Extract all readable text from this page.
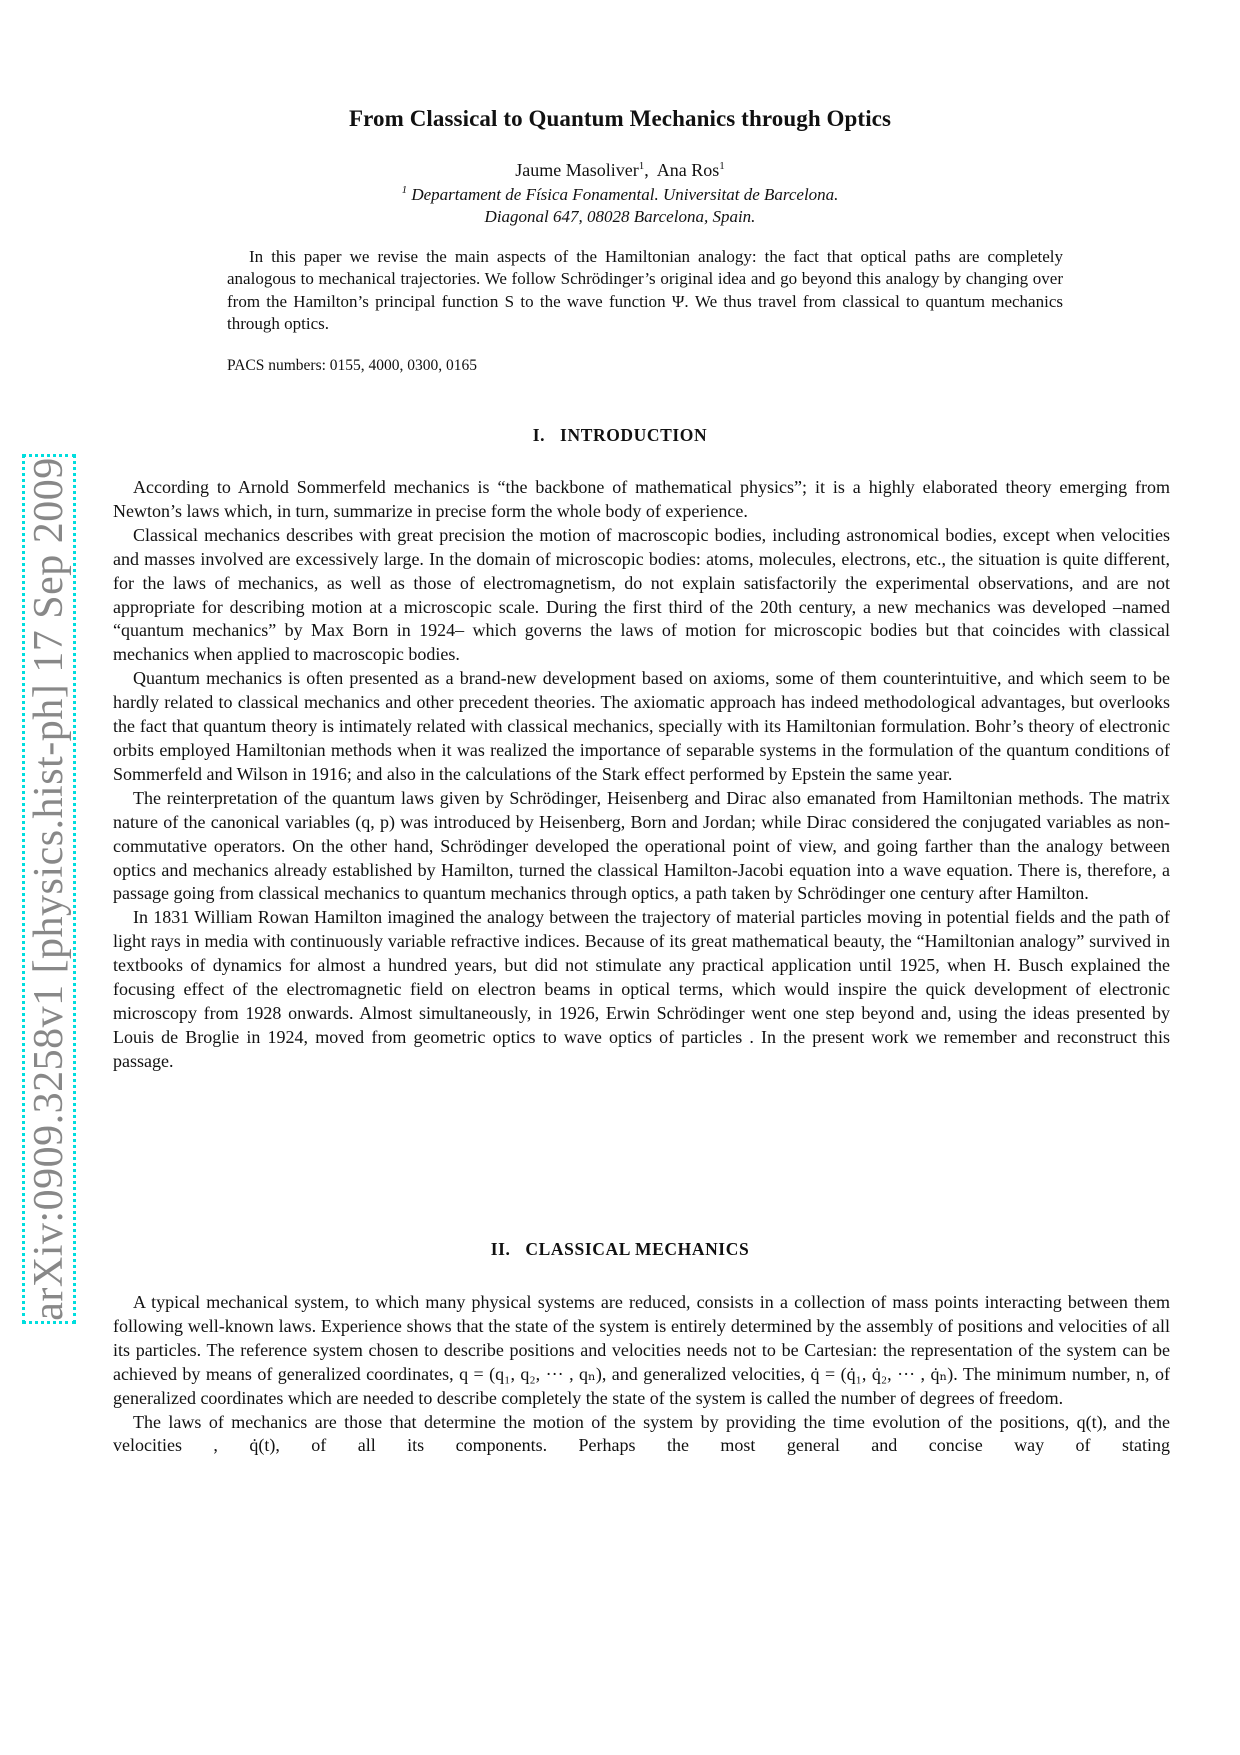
arXiv:0909.3258v1 [physics.hist-ph] 17 Sep 2009
From Classical to Quantum Mechanics through Optics
Jaume Masoliver$^1$,  Ana Ros$^1$
$^1$ Departament de Física Fonamental. Universitat de Barcelona.
Diagonal 647, 08028 Barcelona, Spain.
In this paper we revise the main aspects of the Hamiltonian analogy: the fact that optical paths are completely analogous to mechanical trajectories. We follow Schrödinger’s original idea and go beyond this analogy by changing over from the Hamilton’s principal function S to the wave function Ψ. We thus travel from classical to quantum mechanics through optics.
PACS numbers: 0155, 4000, 0300, 0165
I.   INTRODUCTION

According to Arnold Sommerfeld mechanics is “the backbone of mathematical physics”; it is a highly elaborated theory emerging from Newton’s laws which, in turn, summarize in precise form the whole body of experience.

Classical mechanics describes with great precision the motion of macroscopic bodies, including astronomical bodies, except when velocities and masses involved are excessively large. In the domain of microscopic bodies: atoms, molecules, electrons, etc., the situation is quite different, for the laws of mechanics, as well as those of electromagnetism, do not explain satisfactorily the experimental observations, and are not appropriate for describing motion at a microscopic scale. During the first third of the 20th century, a new mechanics was developed –named “quantum mechanics” by Max Born in 1924– which governs the laws of motion for microscopic bodies but that coincides with classical mechanics when applied to macroscopic bodies.

Quantum mechanics is often presented as a brand-new development based on axioms, some of them counterintuitive, and which seem to be hardly related to classical mechanics and other precedent theories. The axiomatic approach has indeed methodological advantages, but overlooks the fact that quantum theory is intimately related with classical mechanics, specially with its Hamiltonian formulation. Bohr’s theory of electronic orbits employed Hamiltonian methods when it was realized the importance of separable systems in the formulation of the quantum conditions of Sommerfeld and Wilson in 1916; and also in the calculations of the Stark effect performed by Epstein the same year.

The reinterpretation of the quantum laws given by Schrödinger, Heisenberg and Dirac also emanated from Hamiltonian methods. The matrix nature of the canonical variables (q, p) was introduced by Heisenberg, Born and Jordan; while Dirac considered the conjugated variables as non-commutative operators. On the other hand, Schrödinger developed the operational point of view, and going farther than the analogy between optics and mechanics already established by Hamilton, turned the classical Hamilton-Jacobi equation into a wave equation. There is, therefore, a passage going from classical mechanics to quantum mechanics through optics, a path taken by Schrödinger one century after Hamilton.

In 1831 William Rowan Hamilton imagined the analogy between the trajectory of material particles moving in potential fields and the path of light rays in media with continuously variable refractive indices. Because of its great mathematical beauty, the “Hamiltonian analogy” survived in textbooks of dynamics for almost a hundred years, but did not stimulate any practical application until 1925, when H. Busch explained the focusing effect of the electromagnetic field on electron beams in optical terms, which would inspire the quick development of electronic microscopy from 1928 onwards. Almost simultaneously, in 1926, Erwin Schrödinger went one step beyond and, using the ideas presented by Louis de Broglie in 1924, moved from geometric optics to wave optics of particles . In the present work we remember and reconstruct this passage.

II.   CLASSICAL MECHANICS

A typical mechanical system, to which many physical systems are reduced, consists in a collection of mass points interacting between them following well-known laws. Experience shows that the state of the system is entirely determined by the assembly of positions and velocities of all its particles. The reference system chosen to describe positions and velocities needs not to be Cartesian: the representation of the system can be achieved by means of generalized coordinates, q = (q₁, q₂, ··· , qₙ), and generalized velocities, q̇ = (q̇₁, q̇₂, ··· , q̇ₙ). The minimum number, n, of generalized coordinates which are needed to describe completely the state of the system is called the number of degrees of freedom.

The laws of mechanics are those that determine the motion of the system by providing the time evolution of the positions, q(t), and the velocities , q̇(t), of all its components. Perhaps the most general and concise way of stating
